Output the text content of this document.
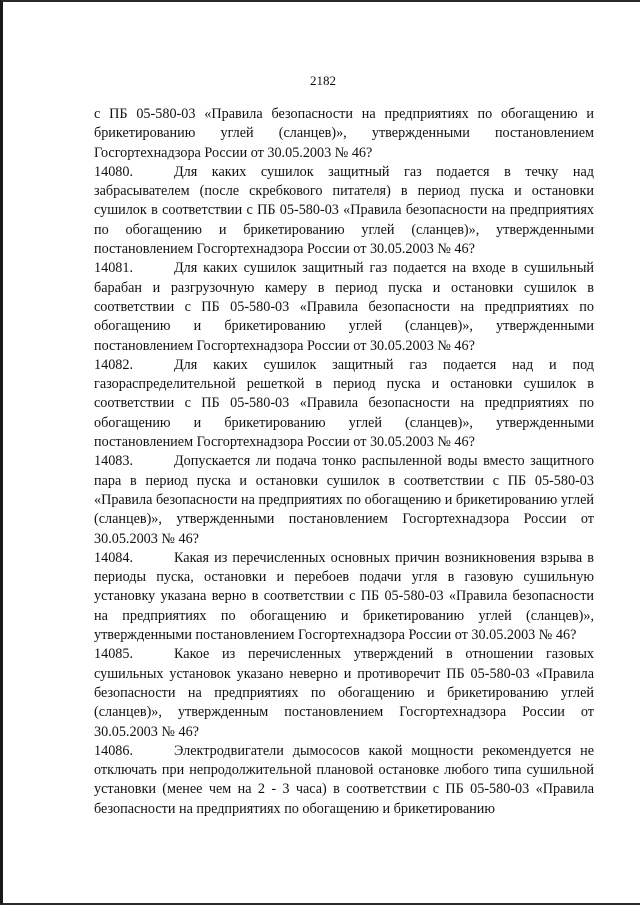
2182

с ПБ 05-580-03 «Правила безопасности на предприятиях по обогащению и брикетированию углей (сланцев)», утвержденными постановлением Госгортехнадзора России от 30.05.2003 № 46?

14080.	Для каких сушилок защитный газ подается в течку над забрасывателем (после скребкового питателя) в период пуска и остановки сушилок в соответствии с ПБ 05-580-03 «Правила безопасности на предприятиях по обогащению и брикетированию углей (сланцев)», утвержденными постановлением Госгортехнадзора России от 30.05.2003 № 46?

14081.	Для каких сушилок защитный газ подается на входе в сушильный барабан и разгрузочную камеру в период пуска и остановки сушилок в соответствии с ПБ 05-580-03 «Правила безопасности на предприятиях по обогащению и брикетированию углей (сланцев)», утвержденными постановлением Госгортехнадзора России от 30.05.2003 № 46?

14082.	Для каких сушилок защитный газ подается над и под газораспределительной решеткой в период пуска и остановки сушилок в соответствии с ПБ 05-580-03 «Правила безопасности на предприятиях по обогащению и брикетированию углей (сланцев)», утвержденными постановлением Госгортехнадзора России от 30.05.2003 № 46?

14083.	Допускается ли подача тонко распыленной воды вместо защитного пара в период пуска и остановки сушилок в соответствии с ПБ 05-580-03 «Правила безопасности на предприятиях по обогащению и брикетированию углей (сланцев)», утвержденными постановлением Госгортехнадзора России от 30.05.2003 № 46?

14084.	Какая из перечисленных основных причин возникновения взрыва в периоды пуска, остановки и перебоев подачи угля в газовую сушильную установку указана верно в соответствии с ПБ 05-580-03 «Правила безопасности на предприятиях по обогащению и брикетированию углей (сланцев)», утвержденными постановлением Госгортехнадзора России от 30.05.2003 № 46?

14085.	Какое из перечисленных утверждений в отношении газовых сушильных установок указано неверно и противоречит ПБ 05-580-03 «Правила безопасности на предприятиях по обогащению и брикетированию углей (сланцев)», утвержденным постановлением Госгортехнадзора России от 30.05.2003 № 46?

14086.	Электродвигатели дымососов какой мощности рекомендуется не отключать при непродолжительной плановой остановке любого типа сушильной установки (менее чем на 2 - 3 часа) в соответствии с ПБ 05-580-03 «Правила безопасности на предприятиях по обогащению и брикетированию
